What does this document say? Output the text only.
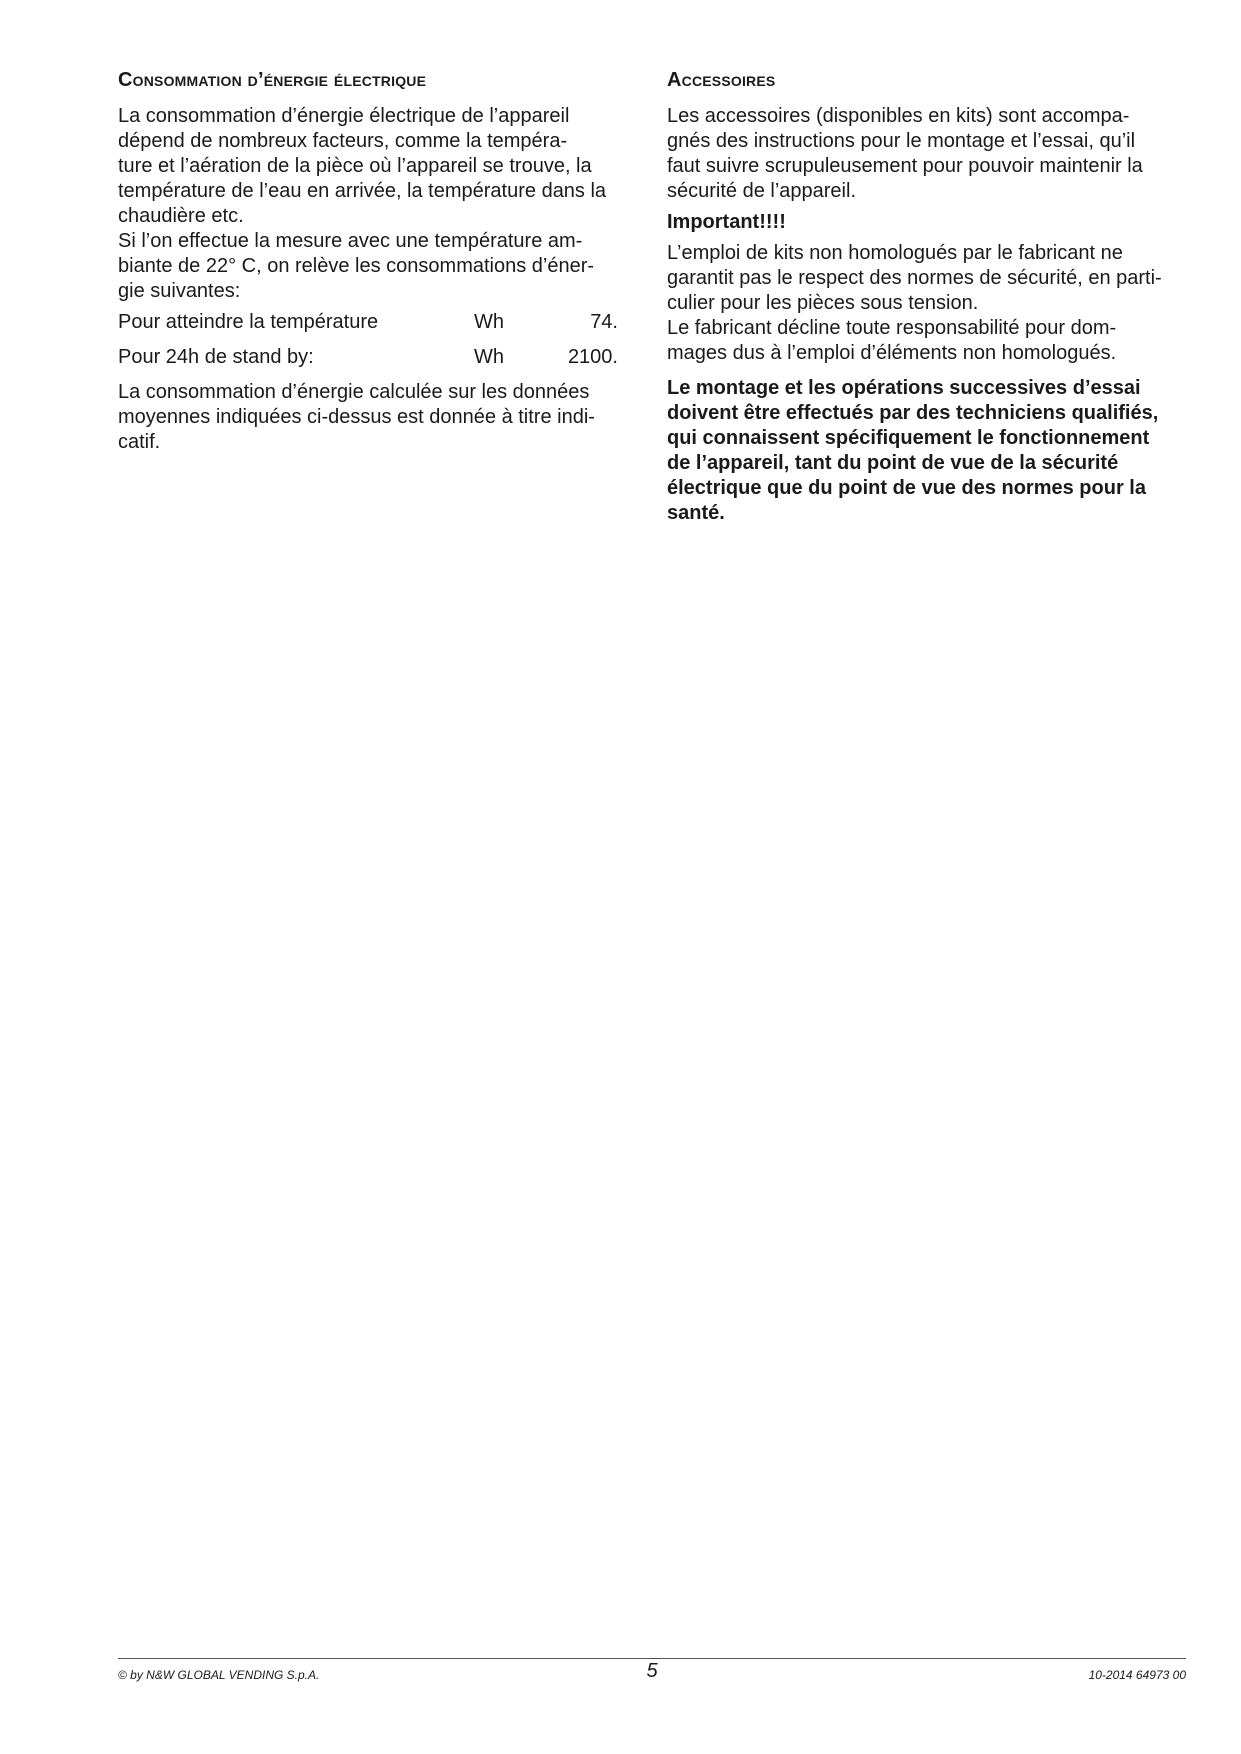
Consommation d’énergie électrique

La consommation d’énergie électrique de l’appareil
dépend de nombreux facteurs, comme la tempéra-
ture et l’aération de la pièce où l’appareil se trouve, la
température de l’eau en arrivée, la température dans la
chaudière etc.
Si l’on effectue la mesure avec une température am-
biante de 22° C, on relève les consommations d’éner-
gie suivantes:

Pour atteindre la température	Wh	74.
Pour 24h de stand by:	Wh	2100.

La consommation d’énergie calculée sur les données
moyennes indiquées ci-dessus est donnée à titre indi-
catif.

Accessoires

Les accessoires (disponibles en kits) sont accompa-
gnés des instructions pour le montage et l’essai, qu’il
faut suivre scrupuleusement pour pouvoir maintenir la
sécurité de l’appareil.

Important!!!!

L’emploi de kits non homologués par le fabricant ne
garantit pas le respect des normes de sécurité, en parti-
culier pour les pièces sous tension.
Le fabricant décline toute responsabilité pour dom-
mages dus à l’emploi d’éléments non homologués.

Le montage et les opérations successives d’essai
doivent être effectués par des techniciens qualifiés,
qui connaissent spécifiquement le fonctionnement
de l’appareil, tant du point de vue de la sécurité
électrique que du point de vue des normes pour la
santé.

5
© by N&W GLOBAL VENDING S.p.A.	10-2014 64973 00
